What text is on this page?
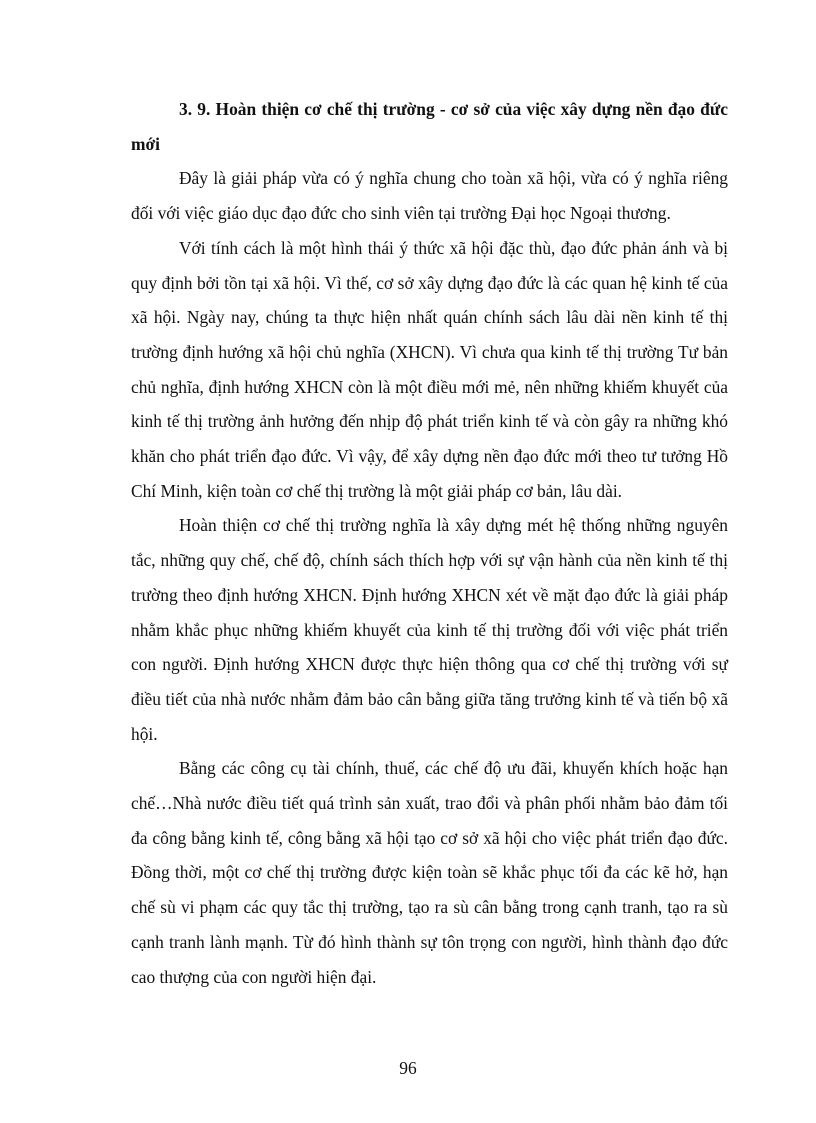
3. 9. Hoàn thiện cơ chế thị trường - cơ sở của việc xây dựng nền đạo đức mới

Đây là giải pháp vừa có ý nghĩa chung cho toàn xã hội, vừa có ý nghĩa riêng đối với việc giáo dục đạo đức cho sinh viên tại trường Đại học Ngoại thương.

Với tính cách là một hình thái ý thức xã hội đặc thù, đạo đức phản ánh và bị quy định bởi tồn tại xã hội. Vì thế, cơ sở xây dựng đạo đức là các quan hệ kinh tế của xã hội. Ngày nay, chúng ta thực hiện nhất quán chính sách lâu dài nền kinh tế thị trường định hướng xã hội chủ nghĩa (XHCN). Vì chưa qua kinh tế thị trường Tư bản chủ nghĩa, định hướng XHCN còn là một điều mới mẻ, nên những khiếm khuyết của kinh tế thị trường ảnh hưởng đến nhịp độ phát triển kinh tế và còn gây ra những khó khăn cho phát triển đạo đức. Vì vậy, để xây dựng nền đạo đức mới theo tư tưởng Hồ Chí Minh, kiện toàn cơ chế thị trường là một giải pháp cơ bản, lâu dài.

Hoàn thiện cơ chế thị trường nghĩa là xây dựng mét hệ thống những nguyên tắc, những quy chế, chế độ, chính sách thích hợp với sự vận hành của nền kinh tế thị trường theo định hướng XHCN. Định hướng XHCN xét về mặt đạo đức là giải pháp nhằm khắc phục những khiếm khuyết của kinh tế thị trường đối với việc phát triển con người. Định hướng XHCN được thực hiện thông qua cơ chế thị trường với sự điều tiết của nhà nước nhằm đảm bảo cân bằng giữa tăng trưởng kinh tế và tiến bộ xã hội.

Bằng các công cụ tài chính, thuế, các chế độ ưu đãi, khuyến khích hoặc hạn chế…Nhà nước điều tiết quá trình sản xuất, trao đổi và phân phối nhằm bảo đảm tối đa công bằng kinh tế, công bằng xã hội tạo cơ sở xã hội cho việc phát triển đạo đức. Đồng thời, một cơ chế thị trường được kiện toàn sẽ khắc phục tối đa các kẽ hở, hạn chế sù vi phạm các quy tắc thị trường, tạo ra sù cân bằng trong cạnh tranh, tạo ra sù cạnh tranh lành mạnh. Từ đó hình thành sự tôn trọng con người, hình thành đạo đức cao thượng của con người hiện đại.

96
